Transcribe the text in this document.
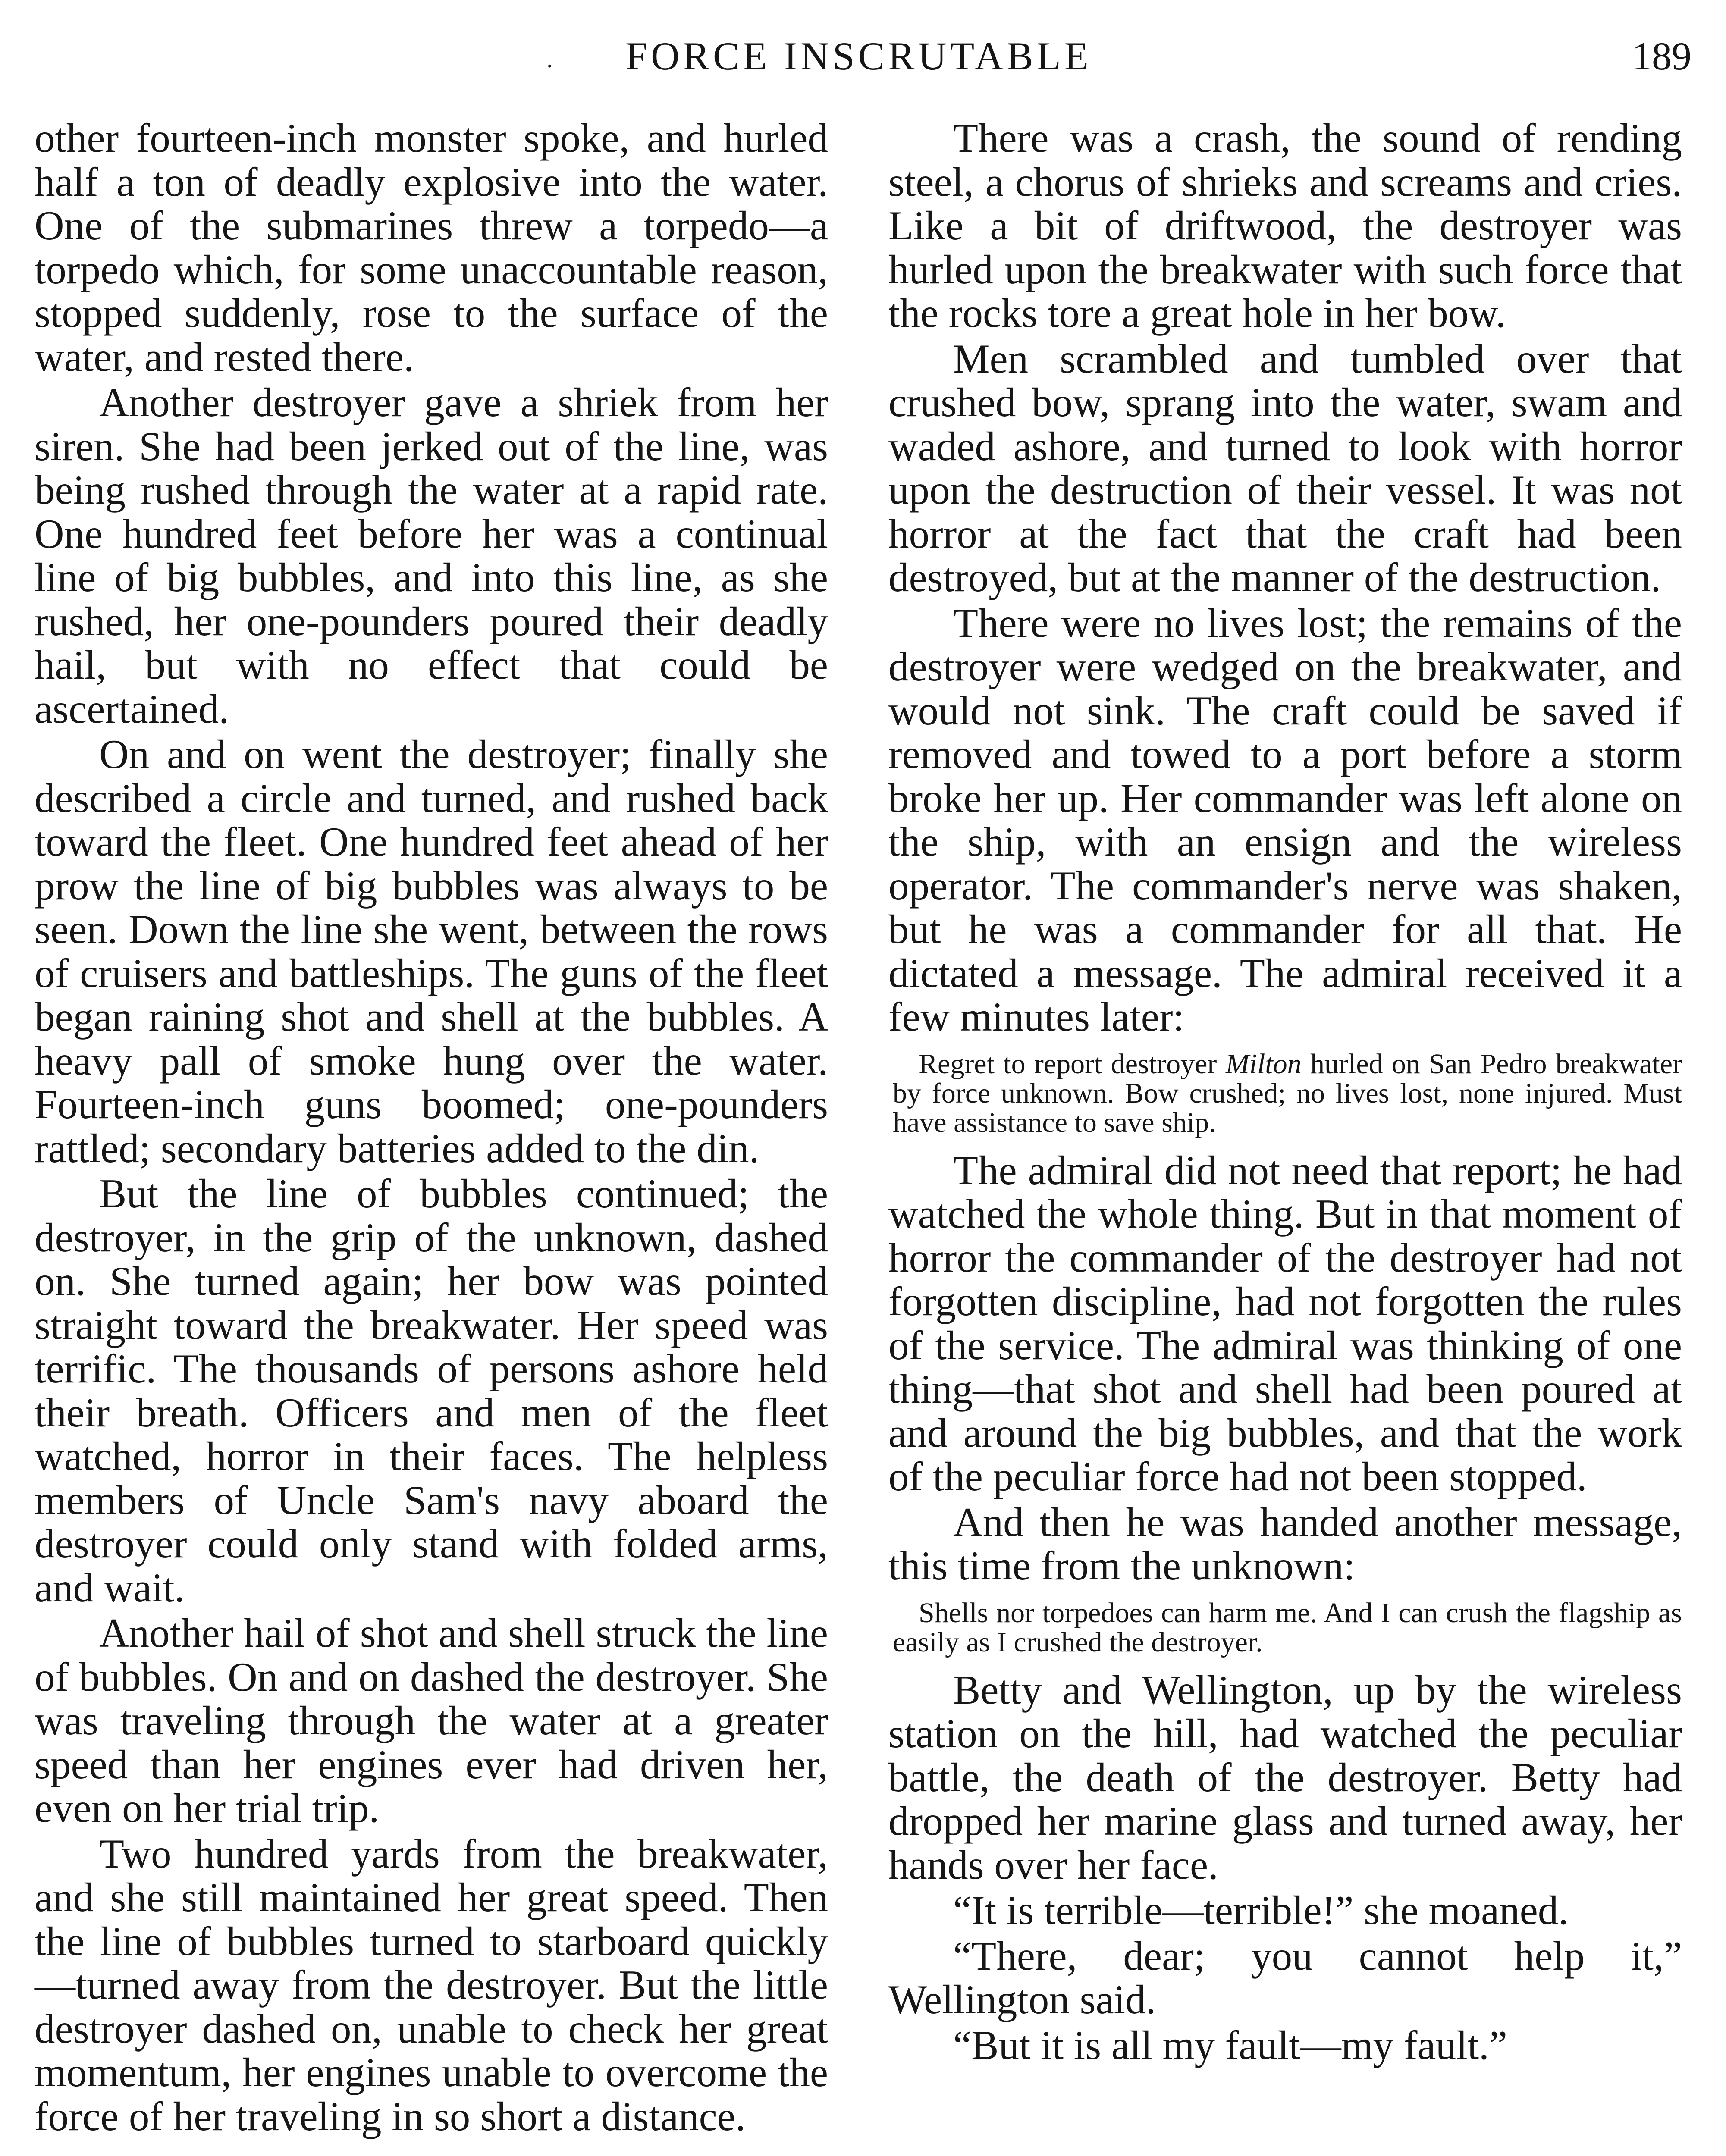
· FORCE INSCRUTABLE	189

other fourteen-inch monster spoke, and hurled half a ton of deadly explosive into the water. One of the submarines threw a torpedo—a torpedo which, for some unaccountable reason, stopped suddenly, rose to the surface of the water, and rested there.

Another destroyer gave a shriek from her siren. She had been jerked out of the line, was being rushed through the water at a rapid rate. One hundred feet before her was a continual line of big bubbles, and into this line, as she rushed, her one-pounders poured their deadly hail, but with no effect that could be ascertained.

On and on went the destroyer; finally she described a circle and turned, and rushed back toward the fleet. One hundred feet ahead of her prow the line of big bubbles was always to be seen. Down the line she went, between the rows of cruisers and battleships. The guns of the fleet began raining shot and shell at the bubbles. A heavy pall of smoke hung over the water. Fourteen-inch guns boomed; one-pounders rattled; secondary batteries added to the din.

But the line of bubbles continued; the destroyer, in the grip of the unknown, dashed on. She turned again; her bow was pointed straight toward the breakwater. Her speed was terrific. The thousands of persons ashore held their breath. Officers and men of the fleet watched, horror in their faces. The helpless members of Uncle Sam's navy aboard the destroyer could only stand with folded arms, and wait.

Another hail of shot and shell struck the line of bubbles. On and on dashed the destroyer. She was traveling through the water at a greater speed than her engines ever had driven her, even on her trial trip.

Two hundred yards from the breakwater, and she still maintained her great speed. Then the line of bubbles turned to starboard quickly—turned away from the destroyer. But the little destroyer dashed on, unable to check her great momentum, her engines unable to overcome the force of her traveling in so short a distance.

There was a crash, the sound of rending steel, a chorus of shrieks and screams and cries. Like a bit of driftwood, the destroyer was hurled upon the breakwater with such force that the rocks tore a great hole in her bow.

Men scrambled and tumbled over that crushed bow, sprang into the water, swam and waded ashore, and turned to look with horror upon the destruction of their vessel. It was not horror at the fact that the craft had been destroyed, but at the manner of the destruction.

There were no lives lost; the remains of the destroyer were wedged on the breakwater, and would not sink. The craft could be saved if removed and towed to a port before a storm broke her up. Her commander was left alone on the ship, with an ensign and the wireless operator. The commander's nerve was shaken, but he was a commander for all that. He dictated a message. The admiral received it a few minutes later:

Regret to report destroyer Milton hurled on San Pedro breakwater by force unknown. Bow crushed; no lives lost, none injured. Must have assistance to save ship.

The admiral did not need that report; he had watched the whole thing. But in that moment of horror the commander of the destroyer had not forgotten discipline, had not forgotten the rules of the service. The admiral was thinking of one thing—that shot and shell had been poured at and around the big bubbles, and that the work of the peculiar force had not been stopped.

And then he was handed another message, this time from the unknown:

Shells nor torpedoes can harm me. And I can crush the flagship as easily as I crushed the destroyer.

Betty and Wellington, up by the wireless station on the hill, had watched the peculiar battle, the death of the destroyer. Betty had dropped her marine glass and turned away, her hands over her face.

“It is terrible—terrible!” she moaned.

“There, dear; you cannot help it,” Wellington said.

“But it is all my fault—my fault.”
